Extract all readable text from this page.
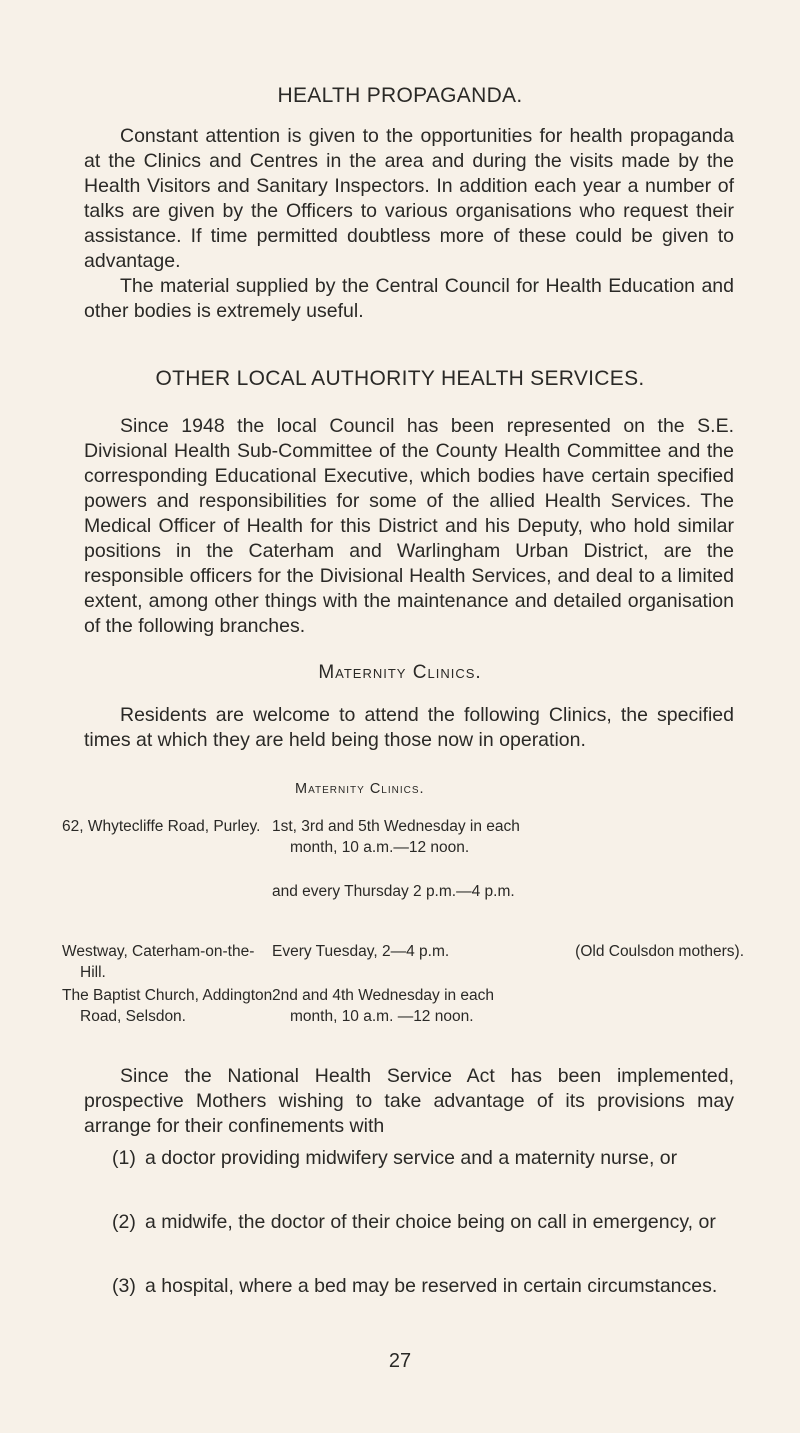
HEALTH PROPAGANDA.

Constant attention is given to the opportunities for health propaganda at the Clinics and Centres in the area and during the visits made by the Health Visitors and Sanitary Inspectors. In addition each year a number of talks are given by the Officers to various organisations who request their assistance. If time permitted doubtless more of these could be given to advantage.

The material supplied by the Central Council for Health Education and other bodies is extremely useful.

OTHER LOCAL AUTHORITY HEALTH SERVICES.

Since 1948 the local Council has been represented on the S.E. Divisional Health Sub-Committee of the County Health Committee and the corresponding Educational Executive, which bodies have certain specified powers and responsibilities for some of the allied Health Services. The Medical Officer of Health for this District and his Deputy, who hold similar positions in the Caterham and Warlingham Urban District, are the responsible officers for the Divisional Health Services, and deal to a limited extent, among other things with the maintenance and detailed organisation of the following branches.

Maternity Clinics.

Residents are welcome to attend the following Clinics, the specified times at which they are held being those now in operation.

Maternity Clinics.

62, Whytecliffe Road, Purley. 1st, 3rd and 5th Wednesday in each month, 10 a.m.—12 noon.

and every Thursday 2 p.m.—4 p.m.

Westway, Caterham-on-the-Hill.

Every Tuesday, 2—4 p.m.	(Old Coulsdon mothers).

The Baptist Church, Addington Road, Selsdon.

2nd and 4th Wednesday in each month, 10 a.m. —12 noon.

Since the National Health Service Act has been implemented, prospective Mothers wishing to take advantage of its provisions may arrange for their confinements with

(1) a doctor providing midwifery service and a maternity nurse, or
(2) a midwife, the doctor of their choice being on call in emergency, or
(3) a hospital, where a bed may be reserved in certain circumstances.
27
